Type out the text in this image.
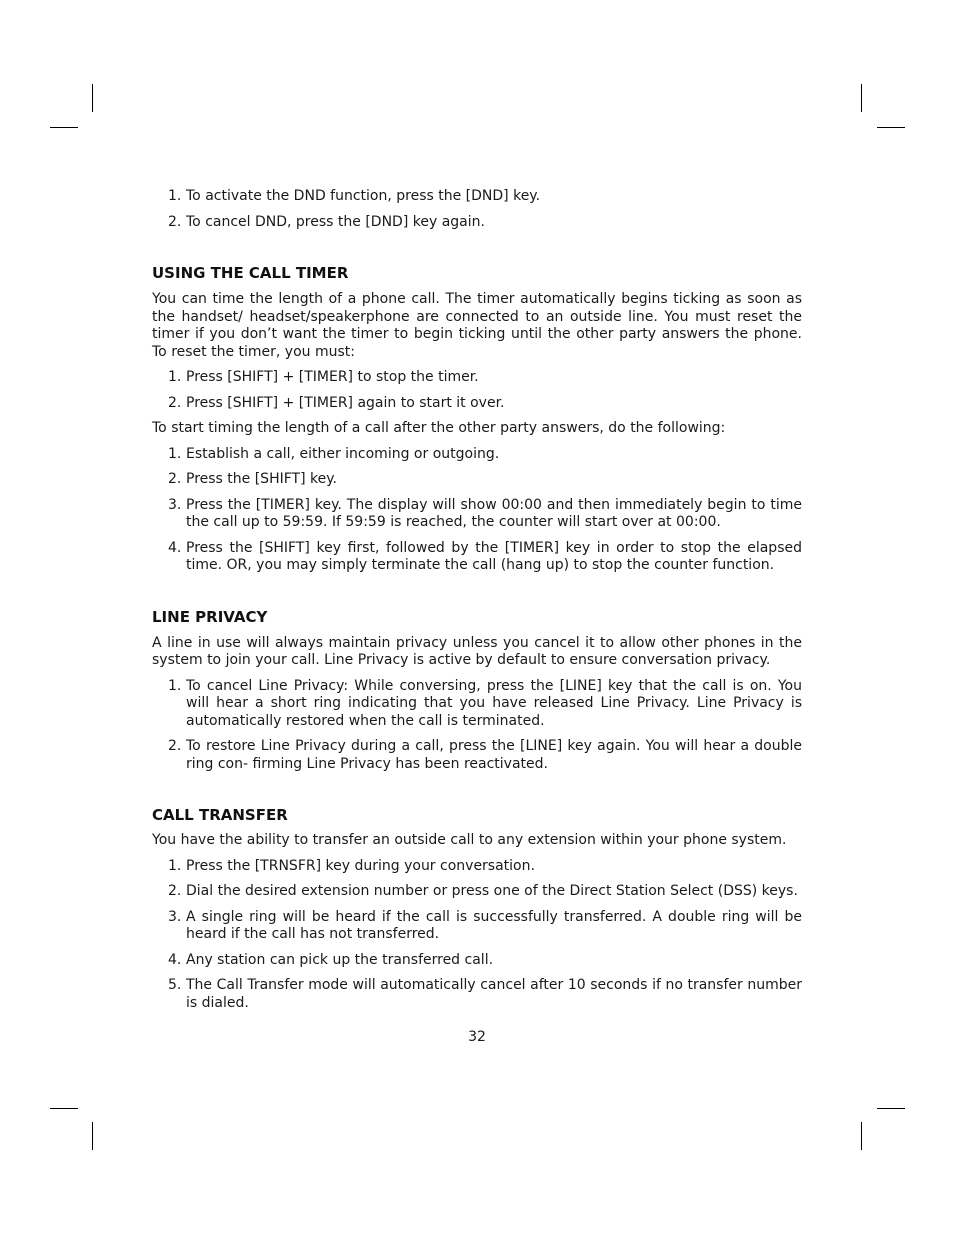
1. To activate the DND function, press the [DND] key.
2. To cancel DND, press the [DND] key again.
USING THE CALL TIMER

You can time the length of a phone call. The timer automatically begins ticking as soon as the handset/ headset/speakerphone are connected to an outside line. You must reset the timer if you don’t want the timer to begin ticking until the other party answers the phone. To reset the timer, you must:

1. Press [SHIFT] + [TIMER] to stop the timer.
2. Press [SHIFT] + [TIMER] again to start it over.

To start timing the length of a call after the other party answers, do the following:

1. Establish a call, either incoming or outgoing.
2. Press the [SHIFT] key.
3. Press the [TIMER] key. The display will show 00:00 and then immediately begin to time the call up to 59:59. If 59:59 is reached, the counter will start over at 00:00.
4. Press the [SHIFT] key first, followed by the [TIMER] key in order to stop the elapsed time. OR, you may simply terminate the call (hang up) to stop the counter function.
LINE PRIVACY

A line in use will always maintain privacy unless you cancel it to allow other phones in the system to join your call. Line Privacy is active by default to ensure conversation privacy.

1. To cancel Line Privacy: While conversing, press the [LINE] key that the call is on. You will hear a short ring indicating that you have released Line Privacy. Line Privacy is automatically restored when the call is terminated.
2. To restore Line Privacy during a call, press the [LINE] key again. You will hear a double ring con- firming Line Privacy has been reactivated.
CALL TRANSFER

You have the ability to transfer an outside call to any extension within your phone system.

1. Press the [TRNSFR] key during your conversation.
2. Dial the desired extension number or press one of the Direct Station Select (DSS) keys.
3. A single ring will be heard if the call is successfully transferred. A double ring will be heard if the call has not transferred.
4. Any station can pick up the transferred call.
5. The Call Transfer mode will automatically cancel after 10 seconds if no transfer number is dialed.
32
